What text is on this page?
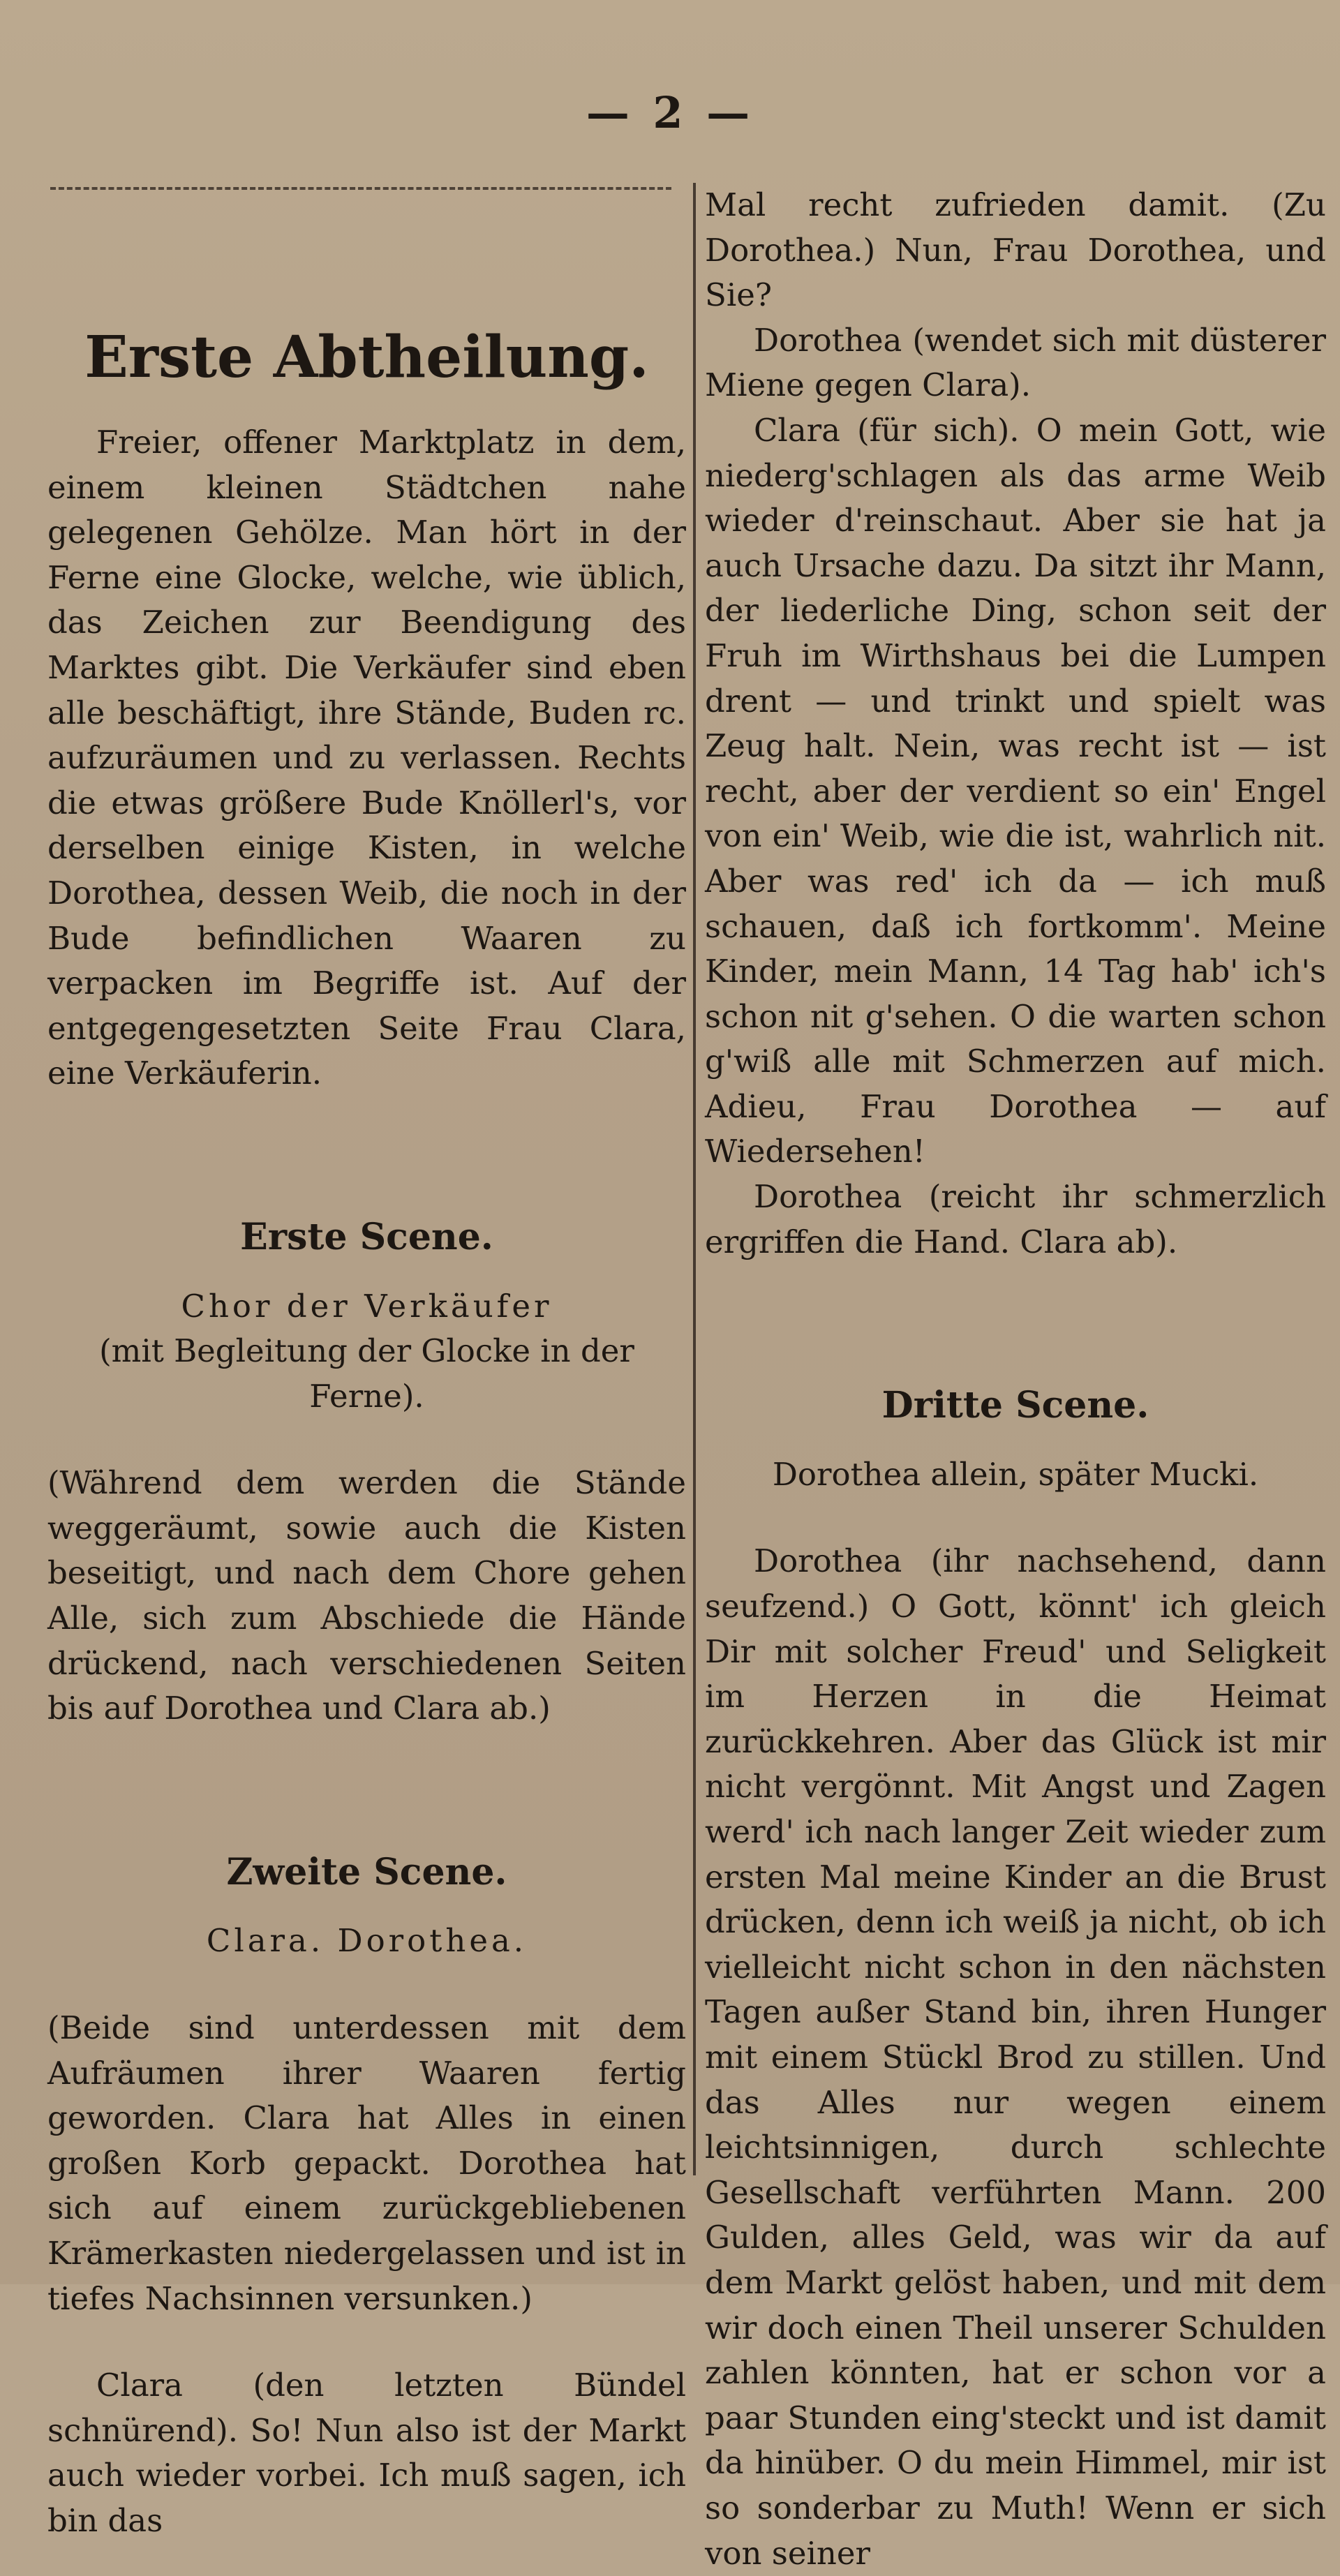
— 2 —
Erste Abtheilung.

Freier, offener Marktplatz in dem, einem kleinen Städtchen nahe gelegenen Gehölze. Man hört in der Ferne eine Glocke, welche, wie üblich, das Zeichen zur Beendigung des Marktes gibt. Die Verkäufer sind eben alle beschäftigt, ihre Stände, Buden rc. aufzuräumen und zu verlassen. Rechts die etwas größere Bude Knöllerl's, vor derselben einige Kisten, in welche Dorothea, dessen Weib, die noch in der Bude befindlichen Waaren zu verpacken im Begriffe ist. Auf der entgegengesetzten Seite Frau Clara, eine Verkäuferin.

Erste Scene.
Chor der Verkäufer
(mit Begleitung der Glocke in der Ferne).

(Während dem werden die Stände weggeräumt, sowie auch die Kisten beseitigt, und nach dem Chore gehen Alle, sich zum Abschiede die Hände drückend, nach verschiedenen Seiten bis auf Dorothea und Clara ab.)

Zweite Scene.
Clara. Dorothea.

(Beide sind unterdessen mit dem Aufräumen ihrer Waaren fertig geworden. Clara hat Alles in einen großen Korb gepackt. Dorothea hat sich auf einem zurückgebliebenen Krämerkasten niedergelassen und ist in tiefes Nachsinnen versunken.)

Clara (den letzten Bündel schnürend). So! Nun also ist der Markt auch wieder vorbei. Ich muß sagen, ich bin das

Mal recht zufrieden damit. (Zu Dorothea.) Nun, Frau Dorothea, und Sie?

Dorothea (wendet sich mit düsterer Miene gegen Clara).

Clara (für sich). O mein Gott, wie niederg'schlagen als das arme Weib wieder d'reinschaut. Aber sie hat ja auch Ursache dazu. Da sitzt ihr Mann, der liederliche Ding, schon seit der Fruh im Wirthshaus bei die Lumpen drent — und trinkt und spielt was Zeug halt. Nein, was recht ist — ist recht, aber der verdient so ein' Engel von ein' Weib, wie die ist, wahrlich nit. Aber was red' ich da — ich muß schauen, daß ich fortkomm'. Meine Kinder, mein Mann, 14 Tag hab' ich's schon nit g'sehen. O die warten schon g'wiß alle mit Schmerzen auf mich. Adieu, Frau Dorothea — auf Wiedersehen!

Dorothea (reicht ihr schmerzlich ergriffen die Hand. Clara ab).

Dritte Scene.
Dorothea allein, später Mucki.

Dorothea (ihr nachsehend, dann seufzend.) O Gott, könnt' ich gleich Dir mit solcher Freud' und Seligkeit im Herzen in die Heimat zurückkehren. Aber das Glück ist mir nicht vergönnt. Mit Angst und Zagen werd' ich nach langer Zeit wieder zum ersten Mal meine Kinder an die Brust drücken, denn ich weiß ja nicht, ob ich vielleicht nicht schon in den nächsten Tagen außer Stand bin, ihren Hunger mit einem Stückl Brod zu stillen. Und das Alles nur wegen einem leichtsinnigen, durch schlechte Gesellschaft verführten Mann. 200 Gulden, alles Geld, was wir da auf dem Markt gelöst haben, und mit dem wir doch einen Theil unserer Schulden zahlen könnten, hat er schon vor a paar Stunden eing'steckt und ist damit da hinüber. O du mein Himmel, mir ist so sonderbar zu Muth! Wenn er sich von seiner
